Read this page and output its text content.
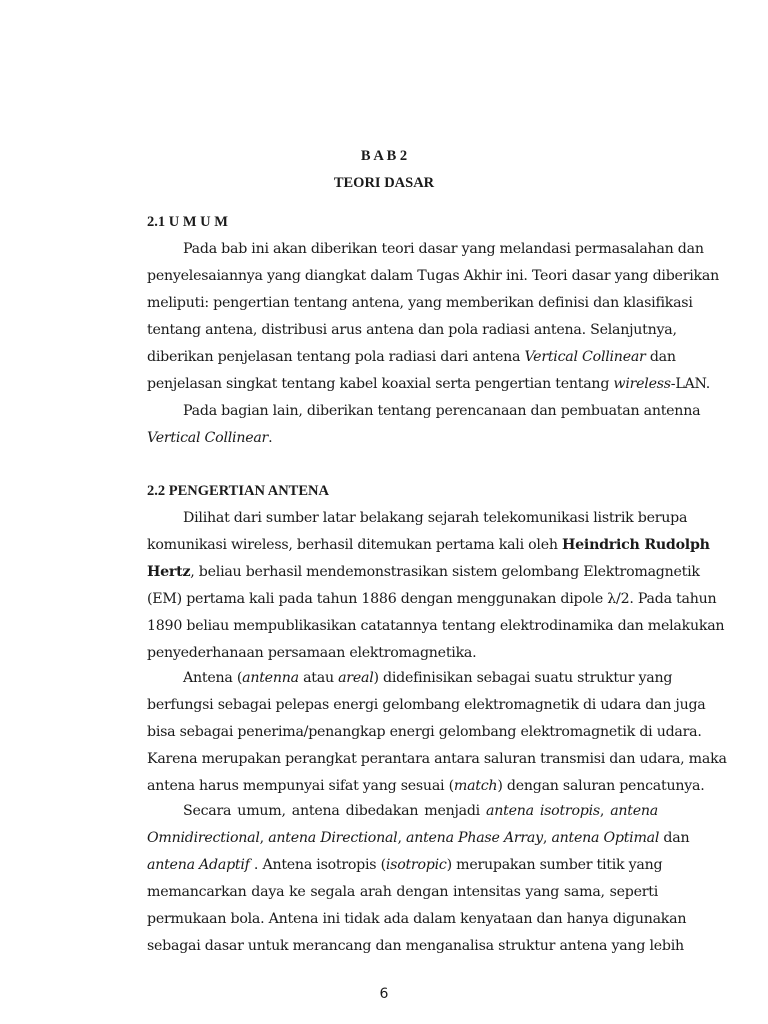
B A B 2
TEORI DASAR
2.1 U M U M
Pada bab ini akan diberikan teori dasar yang melandasi permasalahan dan
penyelesaiannya yang diangkat dalam Tugas Akhir ini. Teori dasar yang diberikan
meliputi: pengertian tentang antena, yang memberikan definisi dan klasifikasi
tentang antena, distribusi arus antena dan pola radiasi antena. Selanjutnya,
diberikan penjelasan tentang pola radiasi dari antena Vertical Collinear dan
penjelasan singkat tentang kabel koaxial serta pengertian tentang wireless-LAN.
Pada bagian lain, diberikan tentang perencanaan dan pembuatan antenna
Vertical Collinear.
2.2 PENGERTIAN ANTENA
Dilihat dari sumber latar belakang sejarah telekomunikasi listrik berupa
komunikasi wireless, berhasil ditemukan pertama kali oleh Heindrich Rudolph
Hertz, beliau berhasil mendemonstrasikan sistem gelombang Elektromagnetik
(EM) pertama kali pada tahun 1886 dengan menggunakan dipole λ/2. Pada tahun
1890 beliau mempublikasikan catatannya tentang elektrodinamika dan melakukan
penyederhanaan persamaan elektromagnetika.
Antena (antenna atau areal) didefinisikan sebagai suatu struktur yang
berfungsi sebagai pelepas energi gelombang elektromagnetik di udara dan juga
bisa sebagai penerima/penangkap energi gelombang elektromagnetik di udara.
Karena merupakan perangkat perantara antara saluran transmisi dan udara, maka
antena harus mempunyai sifat yang sesuai (match) dengan saluran pencatunya.
Secara umum, antena dibedakan menjadi antena isotropis, antena
Omnidirectional, antena Directional, antena Phase Array, antena Optimal dan
antena Adaptif . Antena isotropis (isotropic) merupakan sumber titik yang
memancarkan daya ke segala arah dengan intensitas yang sama, seperti
permukaan bola. Antena ini tidak ada dalam kenyataan dan hanya digunakan
sebagai dasar untuk merancang dan menganalisa struktur antena yang lebih
6
